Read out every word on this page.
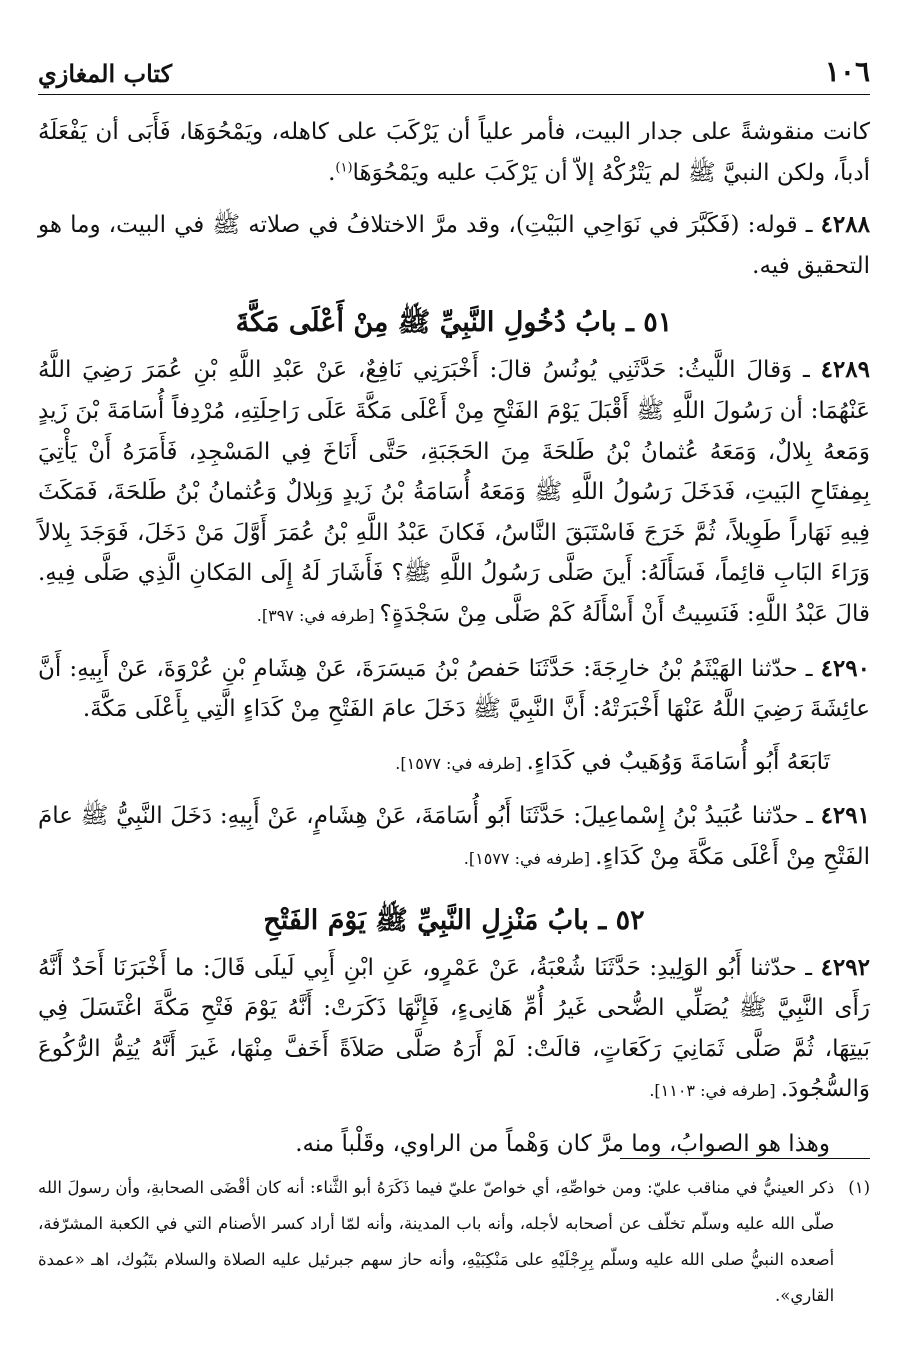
١٠٦
كتاب المغازي

كانت منقوشةً على جدار البيت، فأمر علياً أن يَرْكَبَ على كاهله، ويَمْحُوَهَا، فَأَبَى أن يَفْعَلَهُ أدباً، ولكن النبيَّ ﷺ لم يَتْرُكْهُ إلاّ أن يَرْكَبَ عليه ويَمْحُوَهَا$^{(١)}$.

٤٢٨٨ ـ قوله: (فَكَبَّرَ في نَوَاحِي البَيْتِ)، وقد مرَّ الاختلافُ في صلاته ﷺ في البيت، وما هو التحقيق فيه.

٥١ ـ بابُ دُخُولِ النَّبِيِّ ﷺ مِنْ أَعْلَى مَكَّةَ

٤٢٨٩ ـ وَقالَ اللَّيثُ: حَدَّثَنِي يُونُسُ قالَ: أَخْبَرَنِي نَافِعٌ، عَنْ عَبْدِ اللَّهِ بْنِ عُمَرَ رَضِيَ اللَّهُ عَنْهُمَا: أن رَسُولَ اللَّهِ ﷺ أَقْبَلَ يَوْمَ الفَتْحِ مِنْ أَعْلَى مَكَّةَ عَلَى رَاحِلَتِهِ، مُرْدِفاً أُسَامَةَ بْنَ زَيدٍ وَمَعهُ بِلالٌ، وَمَعَهُ عُثمانُ بْنُ طَلحَةَ مِنَ الحَجَبَةِ، حَتَّى أَنَاخَ فِي المَسْجِدِ، فَأَمَرَهُ أَنْ يَأْتِيَ بِمِفتَاحِ البَيتِ، فَدَخَلَ رَسُولُ اللَّهِ ﷺ وَمَعَهُ أُسَامَةُ بْنُ زَيدٍ وَبِلالٌ وَعُثمانُ بْنُ طَلحَةَ، فَمَكَثَ فِيهِ نَهَاراً طَوِيلاً، ثُمَّ خَرَجَ فَاسْتَبَقَ النَّاسُ، فَكانَ عَبْدُ اللَّهِ بْنُ عُمَرَ أَوَّلَ مَنْ دَخَلَ، فَوَجَدَ بِلالاً وَرَاءَ البَابِ قائِماً، فَسَأَلَهُ: أَينَ صَلَّى رَسُولُ اللَّهِ ﷺ؟ فَأَشَارَ لَهُ إِلَى المَكانِ الَّذِي صَلَّى فِيهِ. قالَ عَبْدُ اللَّهِ: فَنَسِيتُ أَنْ أَسْأَلَهُ كَمْ صَلَّى مِنْ سَجْدَةٍ؟ [طرفه في: ٣٩٧].

٤٢٩٠ ـ حدّثنا الهَيْثَمُ بْنُ خارِجَةَ: حَدَّثَنَا حَفصُ بْنُ مَيسَرَةَ، عَنْ هِشَامِ بْنِ عُرْوَةَ، عَنْ أَبِيهِ: أَنَّ عائِشَةَ رَضِيَ اللَّهُ عَنْهَا أَخْبَرَتْهُ: أَنَّ النَّبِيَّ ﷺ دَخَلَ عامَ الفَتْحِ مِنْ كَدَاءٍ الَّتِي بِأَعْلَى مَكَّةَ.

تَابَعَهُ أَبُو أُسَامَةَ وَوُهَيبٌ في كَدَاءٍ. [طرفه في: ١٥٧٧].

٤٢٩١ ـ حدّثنا عُبَيدُ بْنُ إِسْماعِيلَ: حَدَّثَنَا أَبُو أُسَامَةَ، عَنْ هِشَامٍ، عَنْ أَبِيهِ: دَخَلَ النَّبِيُّ ﷺ عامَ الفَتْحِ مِنْ أَعْلَى مَكَّةَ مِنْ كَدَاءٍ. [طرفه في: ١٥٧٧].

٥٢ ـ بابُ مَنْزِلِ النَّبِيِّ ﷺ يَوْمَ الفَتْحِ

٤٢٩٢ ـ حدّثنا أَبُو الوَلِيدِ: حَدَّثَنَا شُعْبَةُ، عَنْ عَمْرٍو، عَنِ ابْنِ أَبِي لَيلَى قَالَ: ما أَخْبَرَنَا أَحَدٌ أَنَّهُ رَأَى النَّبِيَّ ﷺ يُصَلِّي الضُّحى غَيرُ أُمِّ هَانِىءٍ، فَإِنَّهَا ذَكَرَتْ: أَنَّهُ يَوْمَ فَتْحِ مَكَّةَ اغْتَسَلَ فِي بَيتِهَا، ثُمَّ صَلَّى ثَمَانِيَ رَكَعَاتٍ، قالَتْ: لَمْ أَرَهُ صَلَّى صَلاَةً أَخَفَّ مِنْهَا، غَيرَ أَنَّهُ يُتِمُّ الرُّكُوعَ وَالسُّجُودَ. [طرفه في: ١١٠٣].

وهذا هو الصوابُ، وما مرَّ كان وَهْماً من الراوي، وقَلْباً منه.

(١)
ذكر العينيُّ في مناقب عليّ: ومن خواصِّهِ، أي خواصّ عليّ فيما ذَكَرَهُ أبو الثَّناء: أنه كان أقْضَى الصحابةِ، وأن رسولَ الله صلّى الله عليه وسلّم تخلّف عن أصحابه لأجله، وأنه باب المدينة، وأنه لمّا أراد كسر الأصنام التي في الكعبة المشرّفة، أصعده النبيُّ صلى الله عليه وسلّم بِرِجْلَيْهِ على مَنْكِبَيْهِ، وأنه حاز سهم جبرئيل عليه الصلاة والسلام بتَبُوك، اهـ «عمدة القاري».
